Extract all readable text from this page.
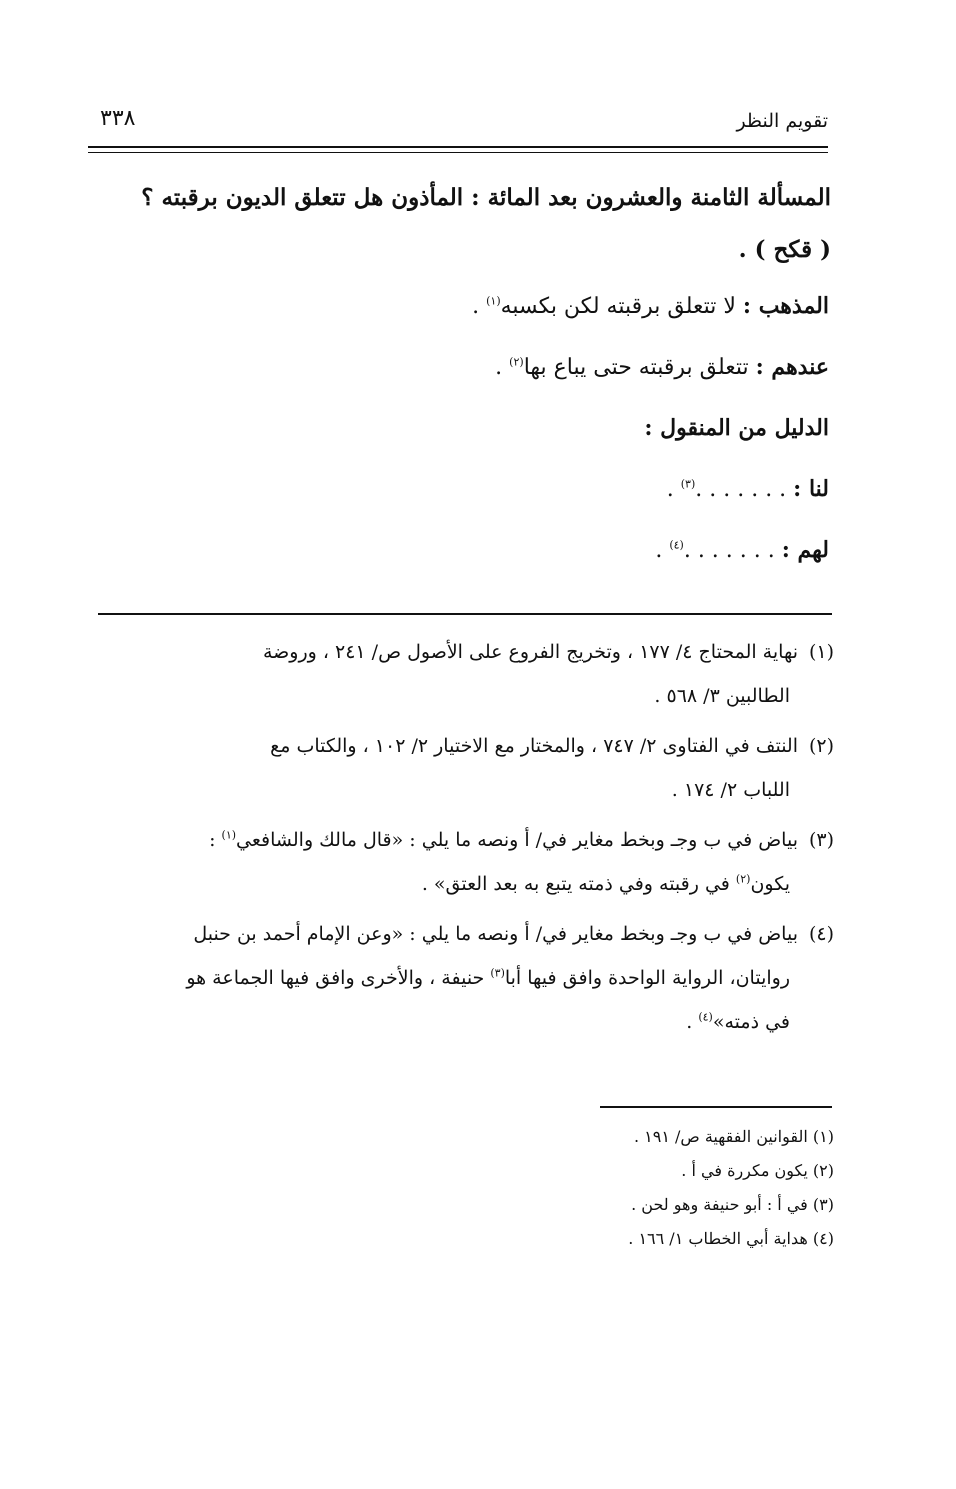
٣٣٨	تقويم النظر

المسألة الثامنة والعشرون بعد المائة : المأذون هل تتعلق الديون برقبته ؟

( قكح ) .

المذهب : لا تتعلق برقبته لكن بكسبه$^{(١)}$ .

عندهم : تتعلق برقبته حتى يباع بها$^{(٢)}$ .

الدليل من المنقول :

لنا : . . . . . . .$^{(٣)}$ .

لهم : . . . . . . .$^{(٤)}$ .

(١)نهاية المحتاج ٤/ ١٧٧ ، وتخريج الفروع على الأصول ص/ ٢٤١ ، وروضة
الطالبين ٣/ ٥٦٨ .
(٢)النتف في الفتاوى ٢/ ٧٤٧ ، والمختار مع الاختيار ٢/ ١٠٢ ، والكتاب مع
اللباب ٢/ ١٧٤ .
(٣)بياض في ب وجـ وبخط مغاير في/ أ ونصه ما يلي : «قال مالك والشافعي$^{(١)}$ :
يكون$^{(٢)}$ في رقبته وفي ذمته يتبع به بعد العتق» .
(٤)بياض في ب وجـ وبخط مغاير في/ أ ونصه ما يلي : «وعن الإمام أحمد بن حنبل
روايتان، الرواية الواحدة وافق فيها أبا$^{(٣)}$ حنيفة ، والأخرى وافق فيها الجماعة هو
في ذمته»$^{(٤)}$ .

(١) القوانين الفقهية ص/ ١٩١ .

(٢) يكون مكررة في أ .

(٣) في أ : أبو حنيفة وهو لحن .

(٤) هداية أبي الخطاب ١/ ١٦٦ .
